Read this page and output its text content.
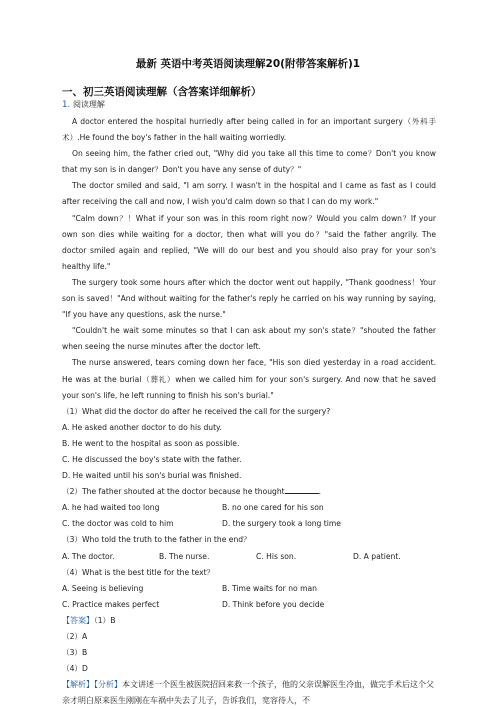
最新 英语中考英语阅读理解20(附带答案解析)1
一、初三英语阅读理解（含答案详细解析）
1. 阅读理解

A doctor entered the hospital hurriedly after being called in for an important surgery（外科手术）.He found the boy's father in the hall waiting worriedly.

On seeing him, the father cried out, "Why did you take all this time to come？Don't you know that my son is in danger？Don't you have any sense of duty？"

The doctor smiled and said, "I am sorry. I wasn't in the hospital and I came as fast as I could after receiving the call and now, I wish you'd calm down so that I can do my work."

"Calm down？！What if your son was in this room right now？Would you calm down？If your own son dies while waiting for a doctor, then what will you do？"said the father angrily. The doctor smiled again and replied, "We will do our best and you should also pray for your son's healthy life."

The surgery took some hours after which the doctor went out happily, "Thank goodness！Your son is saved！"And without waiting for the father's reply he carried on his way running by saying, "If you have any questions, ask the nurse."

"Couldn't he wait some minutes so that I can ask about my son's state？"shouted the father when seeing the nurse minutes after the doctor left.

The nurse answered, tears coming down her face, "His son died yesterday in a road accident. He was at the burial（葬礼）when we called him for your son's surgery. And now that he saved your son's life, he left running to finish his son's burial."

（1）What did the doctor do after he received the call for the surgery?

A. He asked another doctor to do his duty.

B. He went to the hospital as soon as possible.

C. He discussed the boy's state with the father.

D. He waited until his son's burial was finished.

（2）The father shouted at the doctor because he thought	.

A. he had waited too long	B. no one cared for his son
C. the doctor was cold to him	D. the surgery took a long time

（3）Who told the truth to the father in the end？

A. The doctor.	B. The nurse.	C. His son.	D. A patient.

（4）What is the best title for the text？

A. Seeing is believing	B. Time waits for no man
C. Practice makes perfect	D. Think before you decide

【答案】（1）B

（2）A

（3）B

（4）D

【解析】【分析】本文讲述一个医生被医院招回来救一个孩子，他的父亲误解医生冷血，做完手术后这个父亲才明白原来医生刚刚在车祸中失去了儿子，告诉我们，宽容待人，不
